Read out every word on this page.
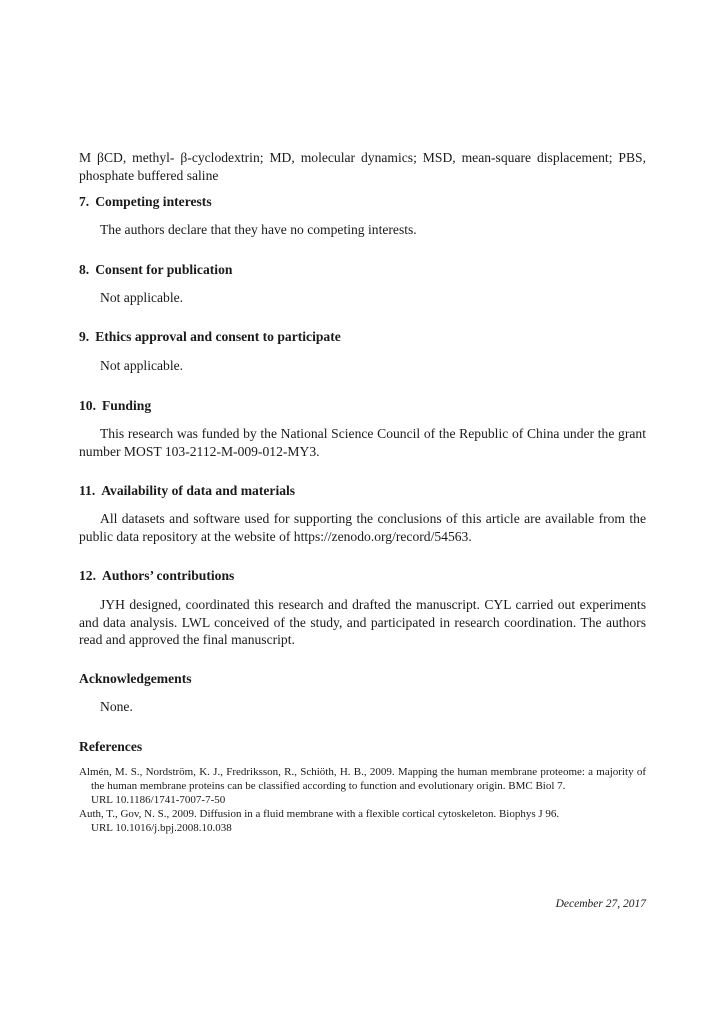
M βCD, methyl- β-cyclodextrin; MD, molecular dynamics; MSD, mean-square displacement; PBS, phosphate buffered saline

7. Competing interests

The authors declare that they have no competing interests.

8. Consent for publication

Not applicable.

9. Ethics approval and consent to participate

Not applicable.

10. Funding

This research was funded by the National Science Council of the Republic of China under the grant number MOST 103-2112-M-009-012-MY3.

11. Availability of data and materials

All datasets and software used for supporting the conclusions of this article are available from the public data repository at the website of https://zenodo.org/record/54563.

12. Authors’ contributions

JYH designed, coordinated this research and drafted the manuscript. CYL carried out experiments and data analysis. LWL conceived of the study, and participated in research coordination. The authors read and approved the final manuscript.

Acknowledgements

None.

References

Almén, M. S., Nordström, K. J., Fredriksson, R., Schiöth, H. B., 2009. Mapping the human membrane proteome: a majority of the human membrane proteins can be classified according to function and evolutionary origin. BMC Biol 7.
URL 10.1186/1741-7007-7-50

Auth, T., Gov, N. S., 2009. Diffusion in a fluid membrane with a flexible cortical cytoskeleton. Biophys J 96.
URL 10.1016/j.bpj.2008.10.038

December 27, 2017
